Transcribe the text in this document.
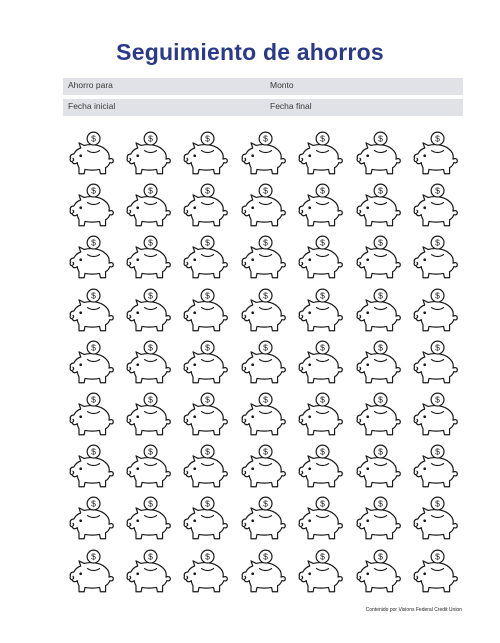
Seguimiento de ahorros
Ahorro para	Monto
Fecha inicial	Fecha final
$	$	$	$	$	$	$
$	$	$	$	$	$	$
$	$	$	$	$	$	$
$	$	$	$	$	$	$
$	$	$	$	$	$	$
$	$	$	$	$	$	$
$	$	$	$	$	$	$
$	$	$	$	$	$	$
$	$	$	$	$	$	$
Contenido por Visions Federal Credit Union
